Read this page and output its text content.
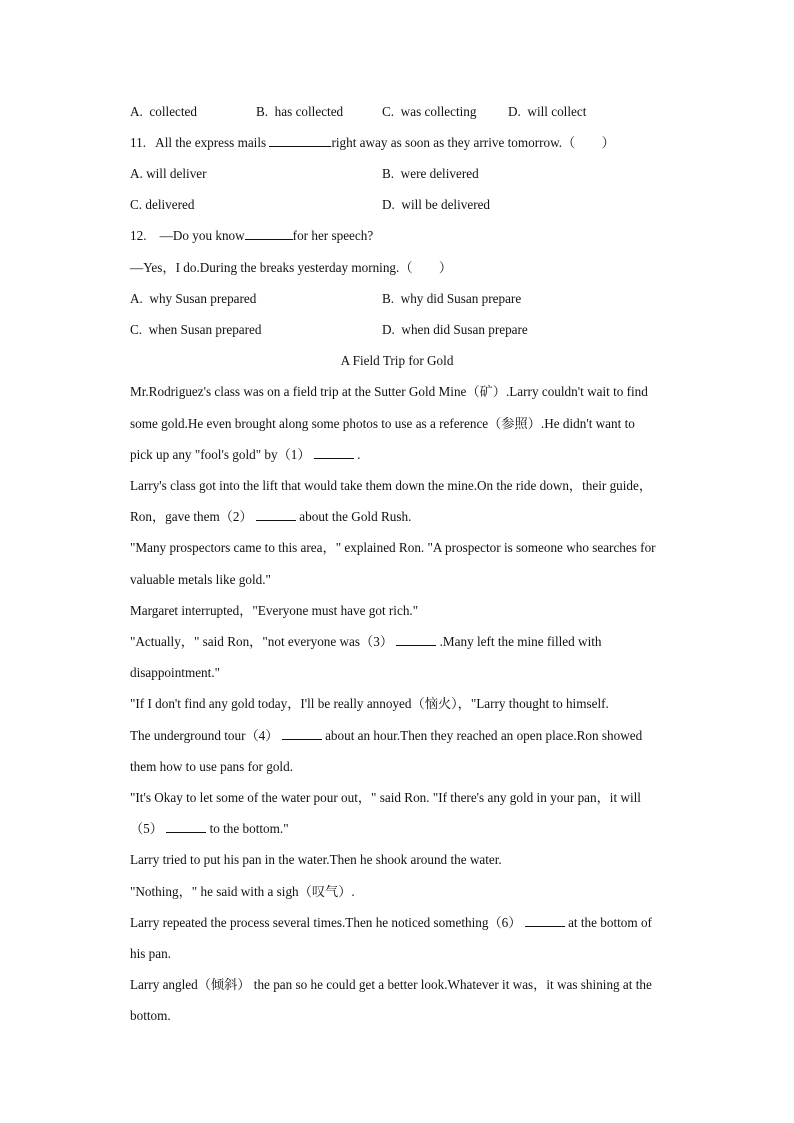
A.  collected	B.  has collected	C.  was collecting D.  will collect
11. All the express mails	right away as soon as they arrive tomorrow.（　　）
A. will deliver	B.  were delivered
C. delivered	D.  will be delivered
12. —Do you know	for her speech?
—Yes，I do.During the breaks yesterday morning.（　　）
A.  why Susan prepared	B.  why did Susan prepare
C.  when Susan prepared	D.  when did Susan prepare
A Field Trip for Gold
Mr.Rodriguez's class was on a field trip at the Sutter Gold Mine（矿）.Larry couldn't wait to find
some gold.He even brought along some photos to use as a reference（参照）.He didn't want to
pick up any "fool's gold" by（1）	.
Larry's class got into the lift that would take them down the mine.On the ride down，their guide，
Ron，gave them（2）	about the Gold Rush.
"Many prospectors came to this area，" explained Ron. "A prospector is someone who searches for
valuable metals like gold."
Margaret interrupted，"Everyone must have got rich."
"Actually，" said Ron，"not everyone was（3）	.Many left the mine filled with
disappointment."
"If I don't find any gold today，I'll be really annoyed（恼火），"Larry thought to himself.
The underground tour（4）	about an hour.Then they reached an open place.Ron showed
them how to use pans for gold.
"It's Okay to let some of the water pour out，" said Ron. "If there's any gold in your pan，it will
（5）	to the bottom."
Larry tried to put his pan in the water.Then he shook around the water.
"Nothing，" he said with a sigh（叹气）.
Larry repeated the process several times.Then he noticed something（6）	at the bottom of
his pan.
Larry angled（倾斜） the pan so he could get a better look.Whatever it was，it was shining at the
bottom.
